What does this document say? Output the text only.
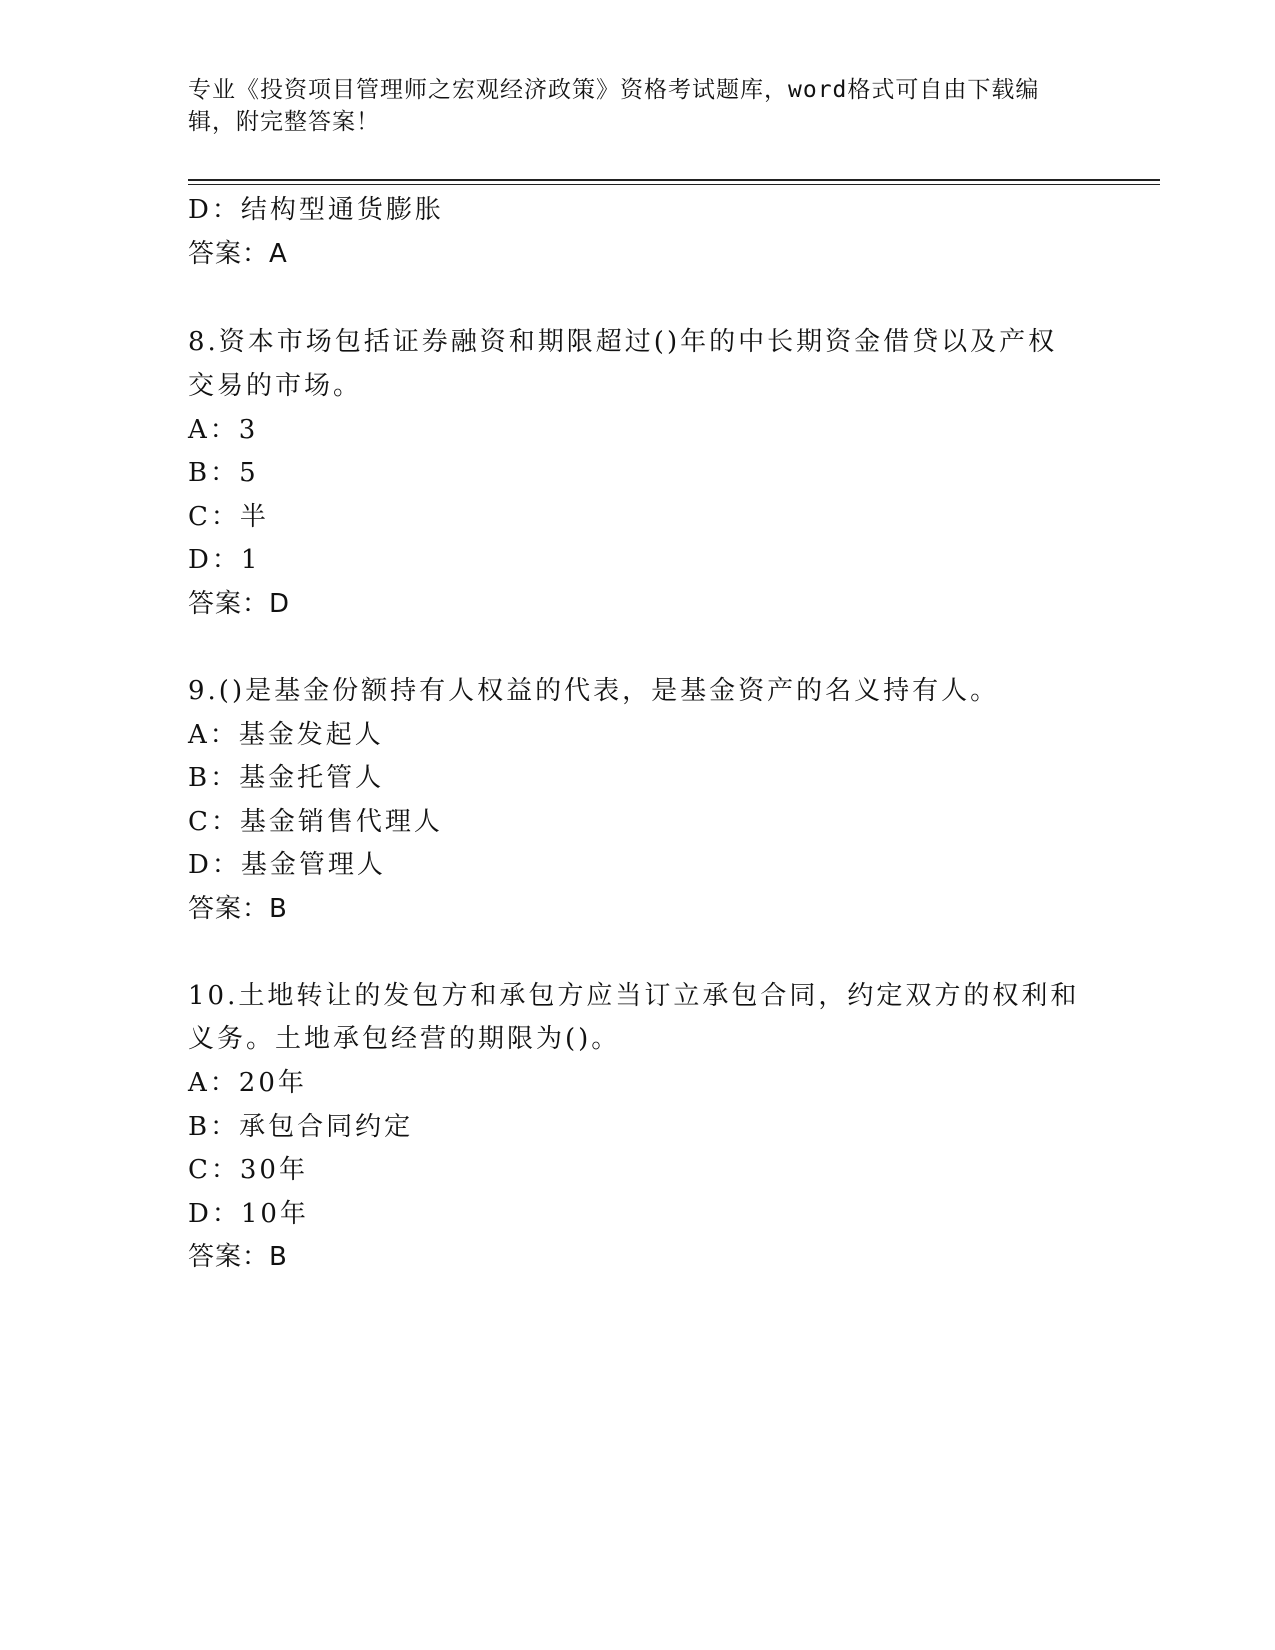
专业《投资项目管理师之宏观经济政策》资格考试题库，word格式可自由下载编
辑，附完整答案！
D：结构型通货膨胀
答案：A
8.资本市场包括证券融资和期限超过()年的中长期资金借贷以及产权
交易的市场。
A：3
B：5
C：半
D：1
答案：D
9.()是基金份额持有人权益的代表，是基金资产的名义持有人。
A：基金发起人
B：基金托管人
C：基金销售代理人
D：基金管理人
答案：B
10.土地转让的发包方和承包方应当订立承包合同，约定双方的权利和
义务。土地承包经营的期限为()。
A：20年
B：承包合同约定
C：30年
D：10年
答案：B
